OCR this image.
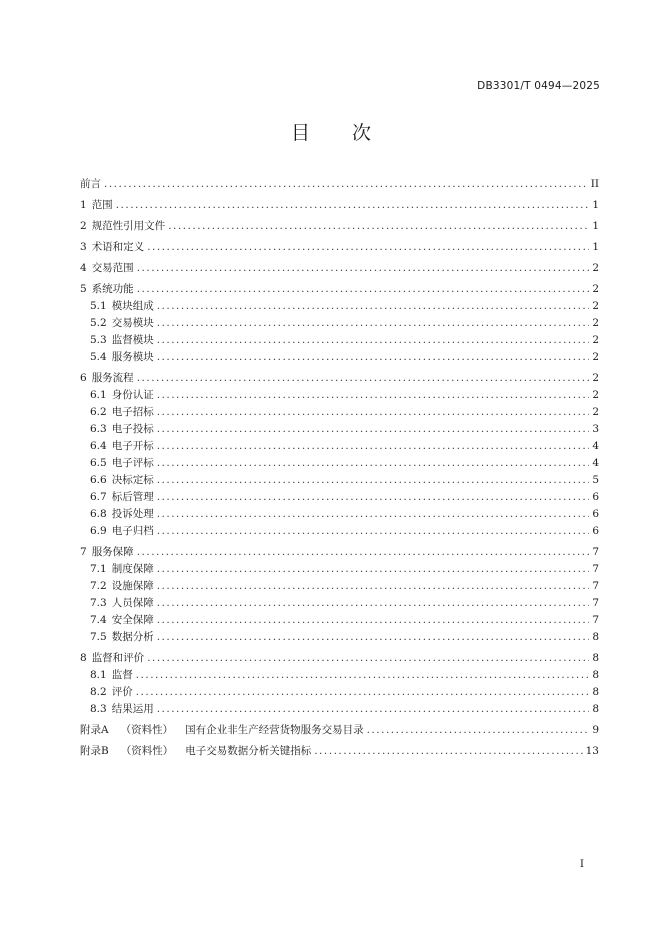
DB3301/T 0494—2025
目次
前言 .....	II
1 范围 .....	1
2 规范性引用文件 .....	1
3 术语和定义 .....	1
4 交易范围 .....	2
5 系统功能 .....	2
5.1 模块组成 .....	2
5.2 交易模块 .....	2
5.3 监督模块 .....	2
5.4 服务模块 .....	2
6 服务流程 .....	2
6.1 身份认证 .....	2
6.2 电子招标 .....	2
6.3 电子投标 .....	3
6.4 电子开标 .....	4
6.5 电子评标 .....	4
6.6 决标定标 .....	5
6.7 标后管理 .....	6
6.8 投诉处理 .....	6
6.9 电子归档 .....	6
7 服务保障 .....	7
7.1 制度保障 .....	7
7.2 设施保障 .....	7
7.3 人员保障 .....	7
7.4 安全保障 .....	7
7.5 数据分析 .....	8
8 监督和评价 .....	8
8.1 监督 .....	8
8.2 评价 .....	8
8.3 结果运用 .....	8
附录A	（资料性）	国有企业非生产经营货物服务交易目录 .....	9
附录B	（资料性）	电子交易数据分析关键指标 .....	13
I
